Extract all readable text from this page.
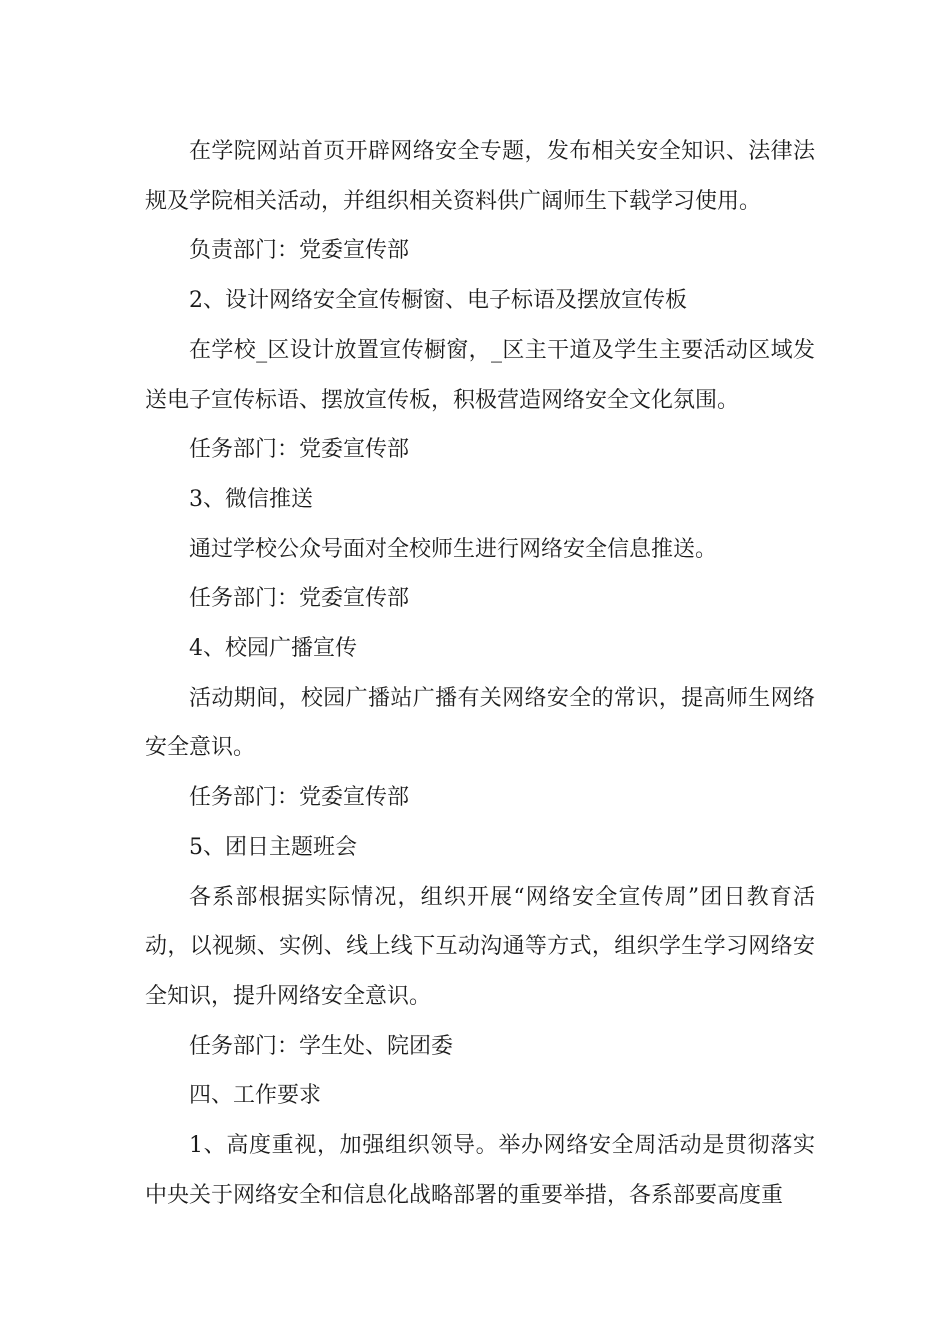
在学院网站首页开辟网络安全专题，发布相关安全知识、法律法规及学院相关活动，并组织相关资料供广阔师生下载学习使用。

负责部门：党委宣传部

2、设计网络安全宣传橱窗、电子标语及摆放宣传板

在学校_区设计放置宣传橱窗，_区主干道及学生主要活动区域发送电子宣传标语、摆放宣传板，积极营造网络安全文化氛围。

任务部门：党委宣传部

3、微信推送

通过学校公众号面对全校师生进行网络安全信息推送。

任务部门：党委宣传部

4、校园广播宣传

活动期间，校园广播站广播有关网络安全的常识，提高师生网络安全意识。

任务部门：党委宣传部

5、团日主题班会

各系部根据实际情况，组织开展“网络安全宣传周”团日教育活动，以视频、实例、线上线下互动沟通等方式，组织学生学习网络安全知识，提升网络安全意识。

任务部门：学生处、院团委

四、工作要求

1、高度重视，加强组织领导。举办网络安全周活动是贯彻落实中央关于网络安全和信息化战略部署的重要举措，各系部要高度重
